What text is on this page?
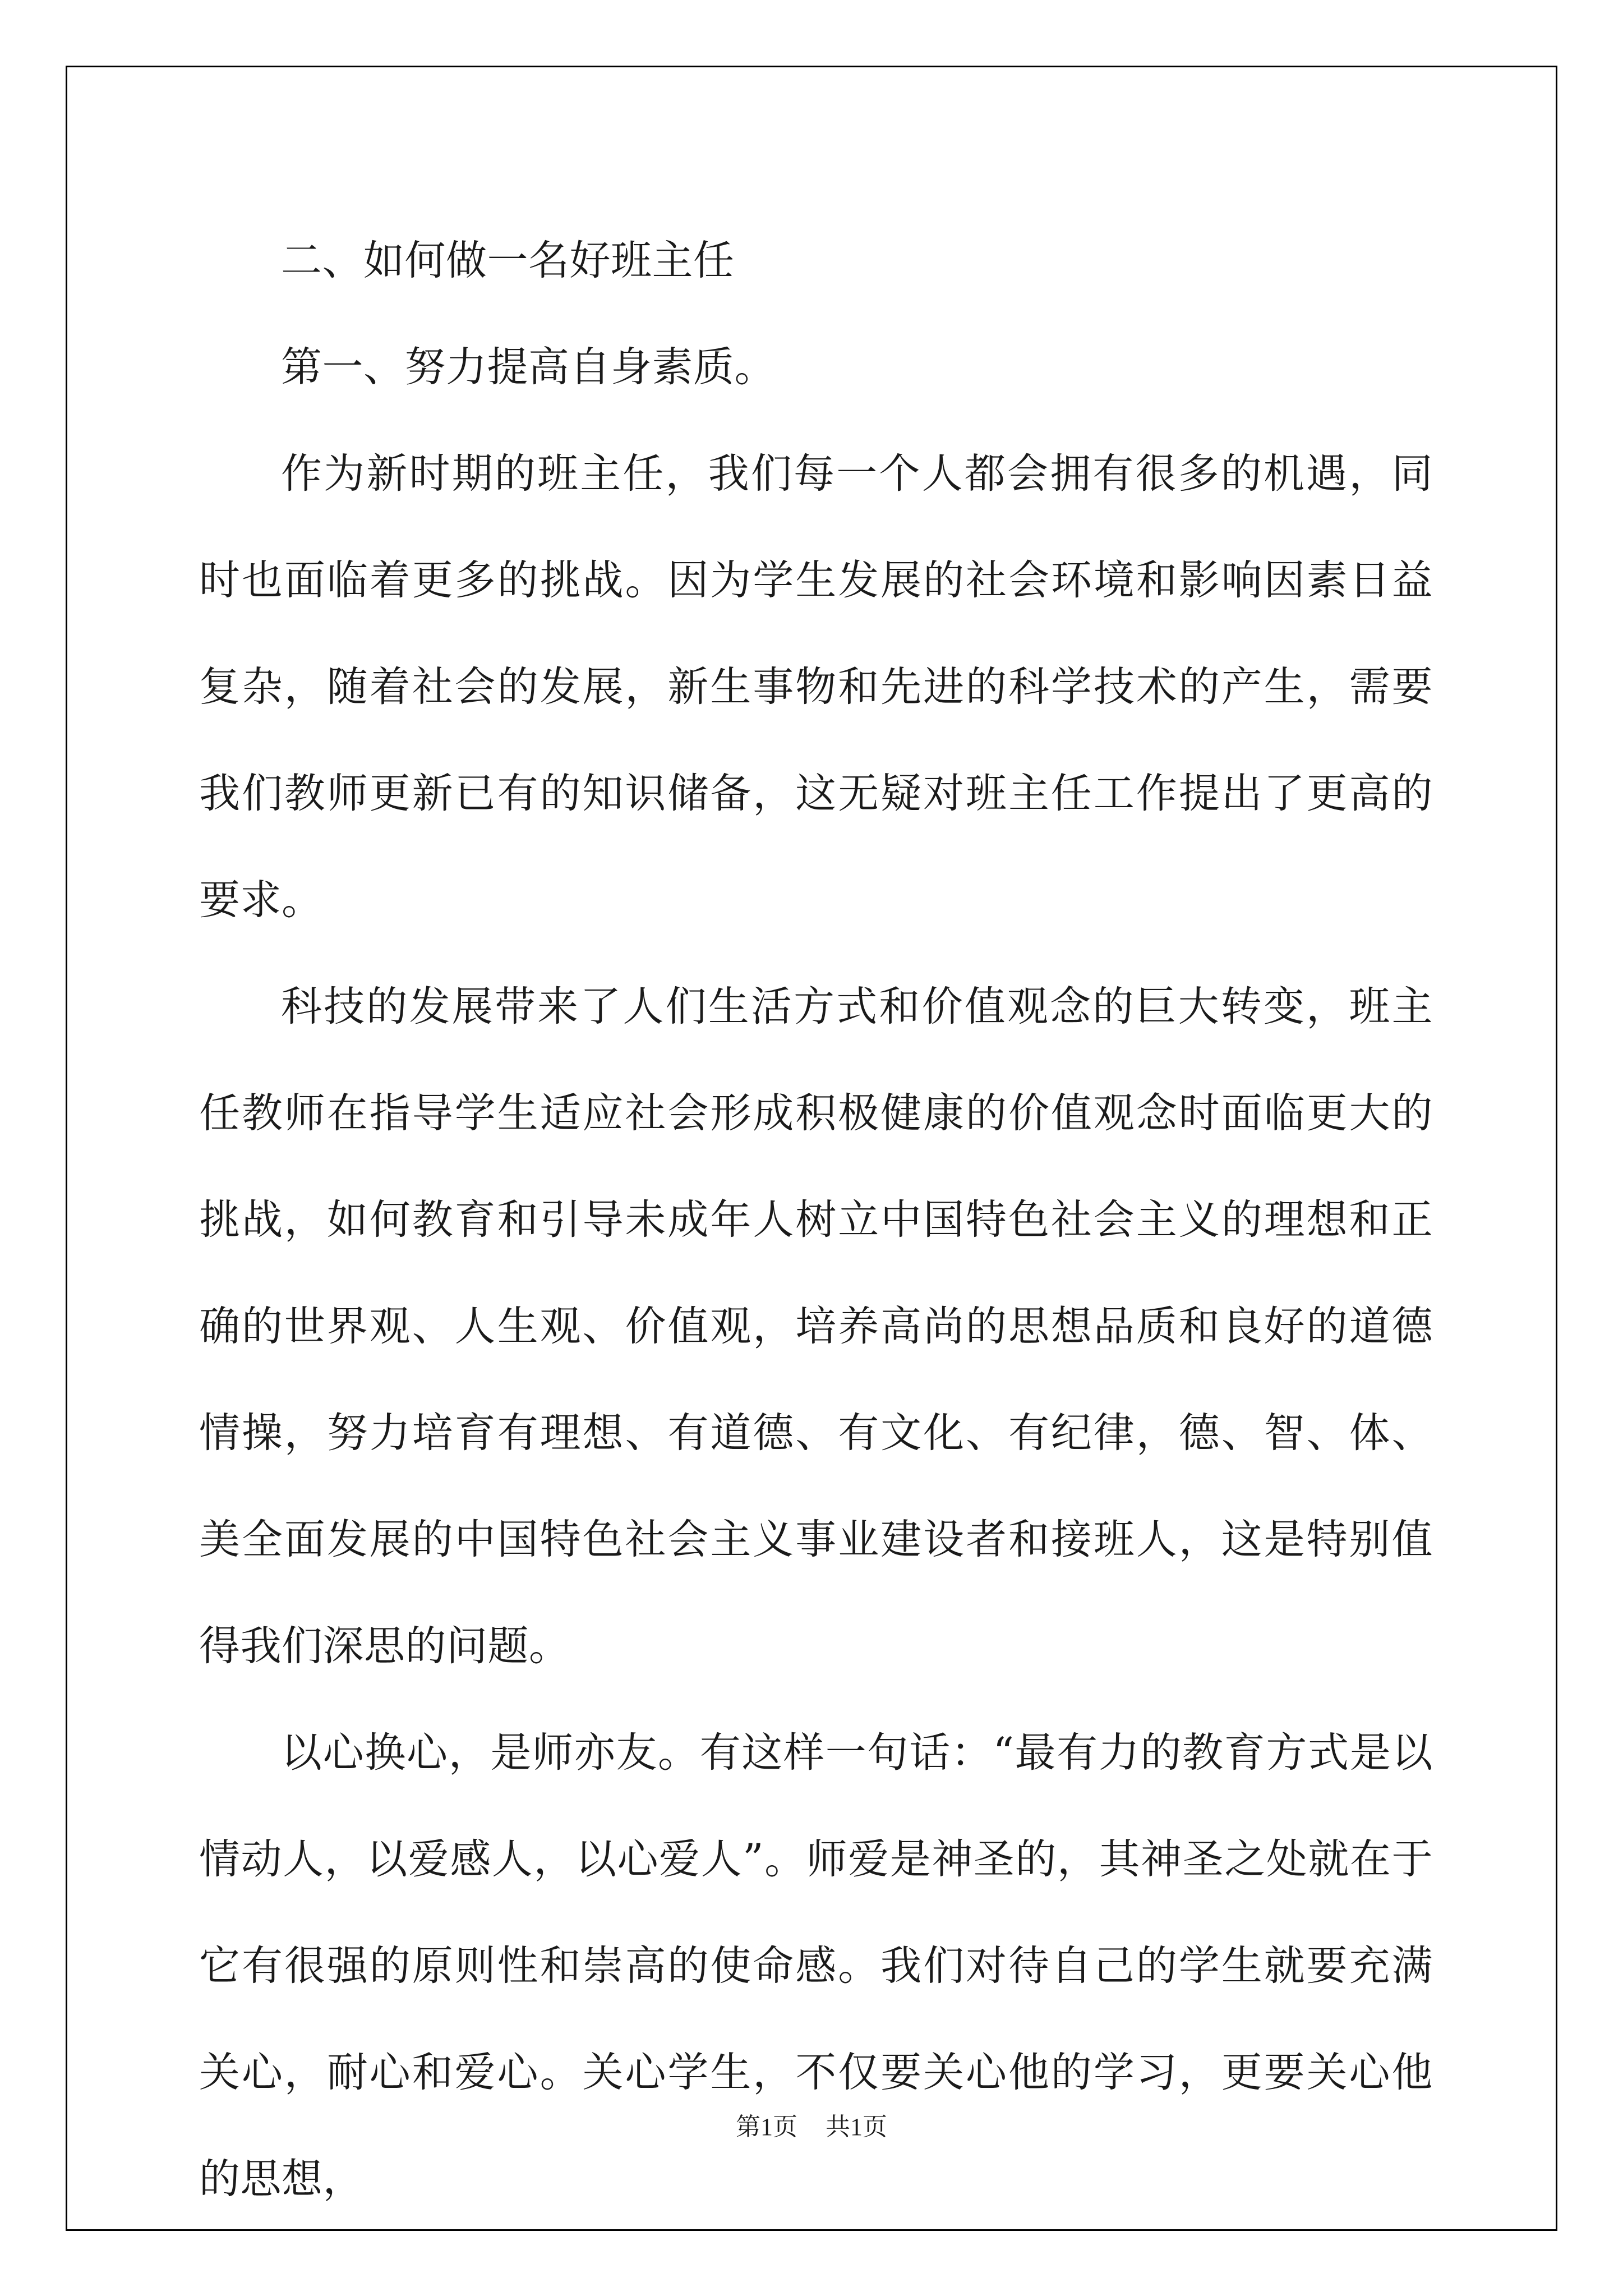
二、如何做一名好班主任

第一、努力提高自身素质。

作为新时期的班主任，我们每一个人都会拥有很多的机遇，同时也面临着更多的挑战。因为学生发展的社会环境和影响因素日益复杂，随着社会的发展，新生事物和先进的科学技术的产生，需要我们教师更新已有的知识储备，这无疑对班主任工作提出了更高的要求。

科技的发展带来了人们生活方式和价值观念的巨大转变，班主任教师在指导学生适应社会形成积极健康的价值观念时面临更大的挑战，如何教育和引导未成年人树立中国特色社会主义的理想和正确的世界观、人生观、价值观，培养高尚的思想品质和良好的道德情操，努力培育有理想、有道德、有文化、有纪律，德、智、体、美全面发展的中国特色社会主义事业建设者和接班人，这是特别值得我们深思的问题。

以心换心，是师亦友。有这样一句话：“最有力的教育方式是以情动人，以爱感人，以心爱人”。师爱是神圣的，其神圣之处就在于它有很强的原则性和崇高的使命感。我们对待自己的学生就要充满关心，耐心和爱心。关心学生，不仅要关心他的学习，更要关心他的思想，

第1页 共1页
